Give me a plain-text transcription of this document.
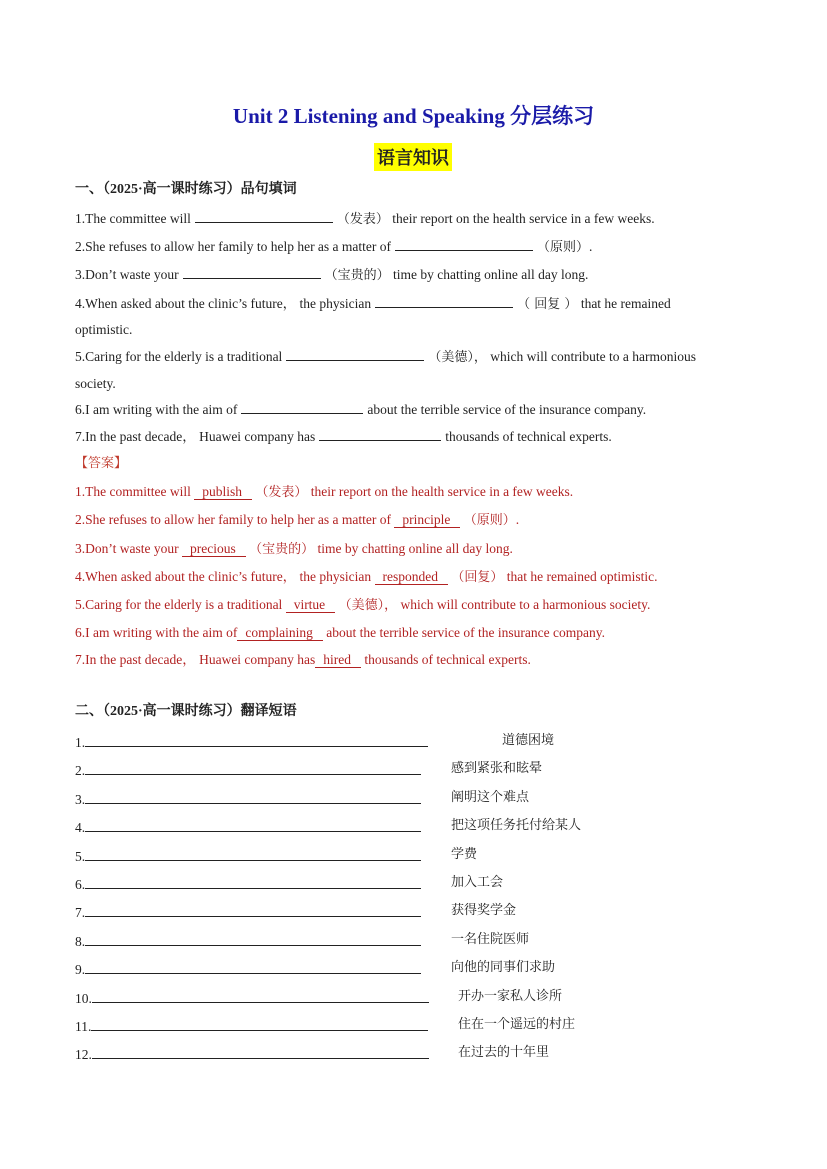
Unit 2 Listening and Speaking 分层练习
语言知识
一、（2025·高一课时练习）品句填词
1.The committee will	（发表） their report on the health service in a few weeks.
2.She refuses to allow her family to help her as a matter of	（原则）.
3.Don’t waste your	（宝贵的） time by chatting online all day long.
4.When asked about the clinic’s future， the physician	（ 回复 ） that he remained
optimistic.
5.Caring for the elderly is a traditional	（美德）， which will contribute to a harmonious
society.
6.I am writing with the aim of	about the terrible service of the insurance company.
7.In the past decade， Huawei company has	thousands of technical experts.
【答案】
1.The committee will publish （发表） their report on the health service in a few weeks.
2.She refuses to allow her family to help her as a matter of principle （原则）.
3.Don’t waste your precious （宝贵的） time by chatting online all day long.
4.When asked about the clinic’s future， the physician responded （回复） that he remained optimistic.
5.Caring for the elderly is a traditional virtue （美德）， which will contribute to a harmonious society.
6.I am writing with the aim of complaining about the terrible service of the insurance company.
7.In the past decade， Huawei company has hired thousands of technical experts.
二、（2025·高一课时练习）翻译短语
1.	道德困境
2.	感到紧张和眩晕
3.	阐明这个难点
4.	把这项任务托付给某人
5.	学费
6.	加入工会
7.	获得奖学金
8.	一名住院医师
9.	向他的同事们求助
10.	开办一家私人诊所
11.	住在一个遥远的村庄
12.	在过去的十年里
